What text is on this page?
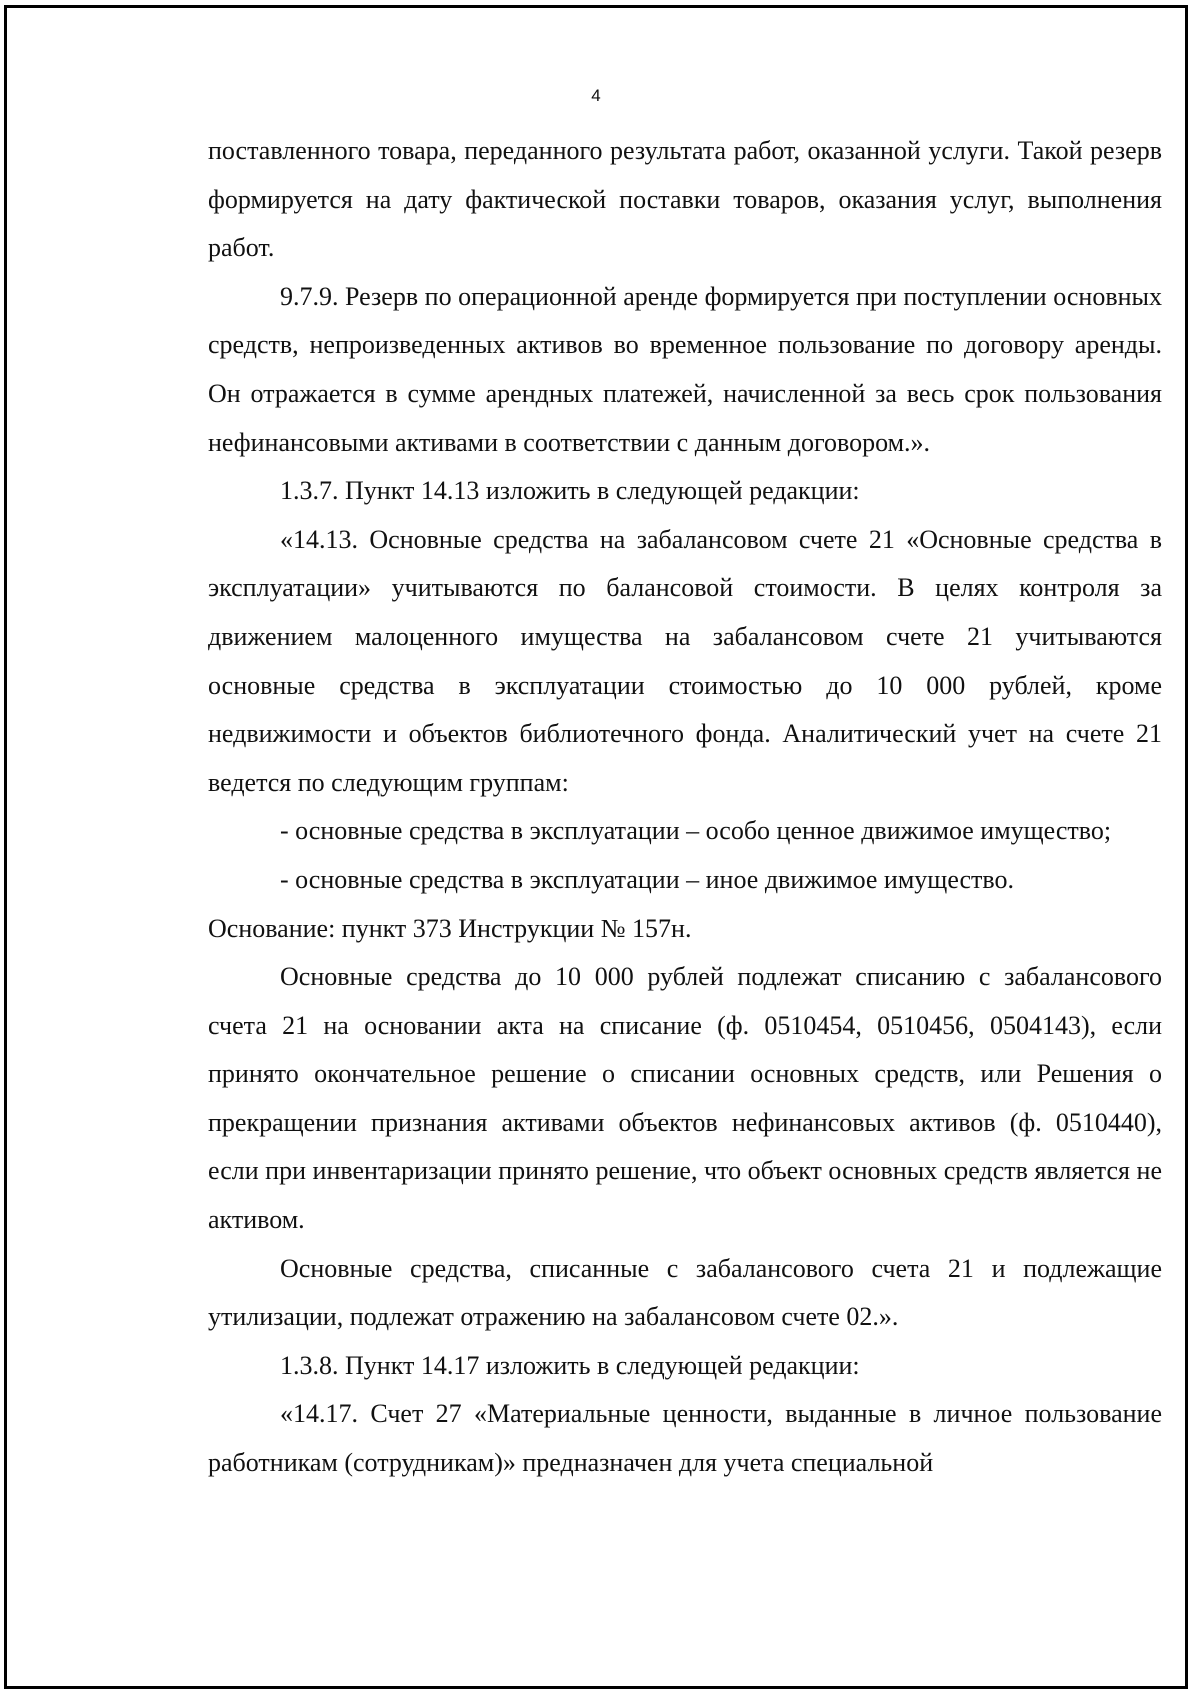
4

поставленного товара, переданного результата работ, оказанной услуги. Такой резерв формируется на дату фактической поставки товаров, оказания услуг, выполнения работ.

9.7.9. Резерв по операционной аренде формируется при поступлении основных средств, непроизведенных активов во временное пользование по договору аренды. Он отражается в сумме арендных платежей, начисленной за весь срок пользования нефинансовыми активами в соответствии с данным договором.».

1.3.7. Пункт 14.13 изложить в следующей редакции:

«14.13. Основные средства на забалансовом счете 21 «Основные средства в эксплуатации» учитываются по балансовой стоимости. В целях контроля за движением малоценного имущества на забалансовом счете 21 учитываются основные средства в эксплуатации стоимостью до 10 000 рублей, кроме недвижимости и объектов библиотечного фонда. Аналитический учет на счете 21 ведется по следующим группам:

- основные средства в эксплуатации – особо ценное движимое имущество;

- основные средства в эксплуатации – иное движимое имущество.

Основание: пункт 373 Инструкции № 157н.

Основные средства до 10 000 рублей подлежат списанию с забалансового счета 21 на основании акта на списание (ф. 0510454, 0510456, 0504143), если принято окончательное решение о списании основных средств, или Решения о прекращении признания активами объектов нефинансовых активов (ф. 0510440), если при инвентаризации принято решение, что объект основных средств является не активом.

Основные средства, списанные с забалансового счета 21 и подлежащие утилизации, подлежат отражению на забалансовом счете 02.».

1.3.8. Пункт 14.17 изложить в следующей редакции:

«14.17. Счет 27 «Материальные ценности, выданные в личное пользование работникам (сотрудникам)» предназначен для учета специальной
